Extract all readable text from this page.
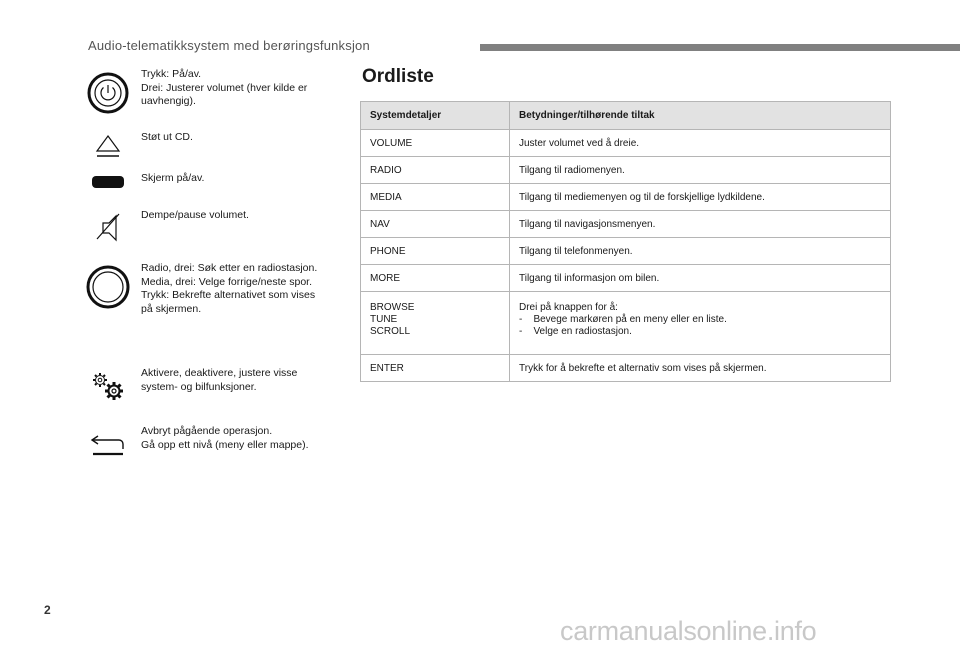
Audio-telematikksystem med berøringsfunksjon
Trykk: På/av.
Drei: Justerer volumet (hver kilde er
uavhengig).
Støt ut CD.
Skjerm på/av.
Dempe/pause volumet.
Radio, drei: Søk etter en radiostasjon.
Media, drei: Velge forrige/neste spor.
Trykk: Bekrefte alternativet som vises
på skjermen.
Aktivere, deaktivere, justere visse
system- og bilfunksjoner.
Avbryt pågående operasjon.
Gå opp ett nivå (meny eller mappe).
Ordliste
Systemdetaljer	Betydninger/tilhørende tiltak
VOLUME	Juster volumet ved å dreie.
RADIO	Tilgang til radiomenyen.
MEDIA	Tilgang til mediemenyen og til de forskjellige lydkildene.
NAV	Tilgang til navigasjonsmenyen.
PHONE	Tilgang til telefonmenyen.
MORE	Tilgang til informasjon om bilen.

BROWSE
TUNE
SCROLL	Drei på knappen for å:
-    Bevege markøren på en meny eller en liste.
-    Velge en radiostasjon.

ENTER	Trykk for å bekrefte et alternativ som vises på skjermen.
2
carmanualsonline.info
